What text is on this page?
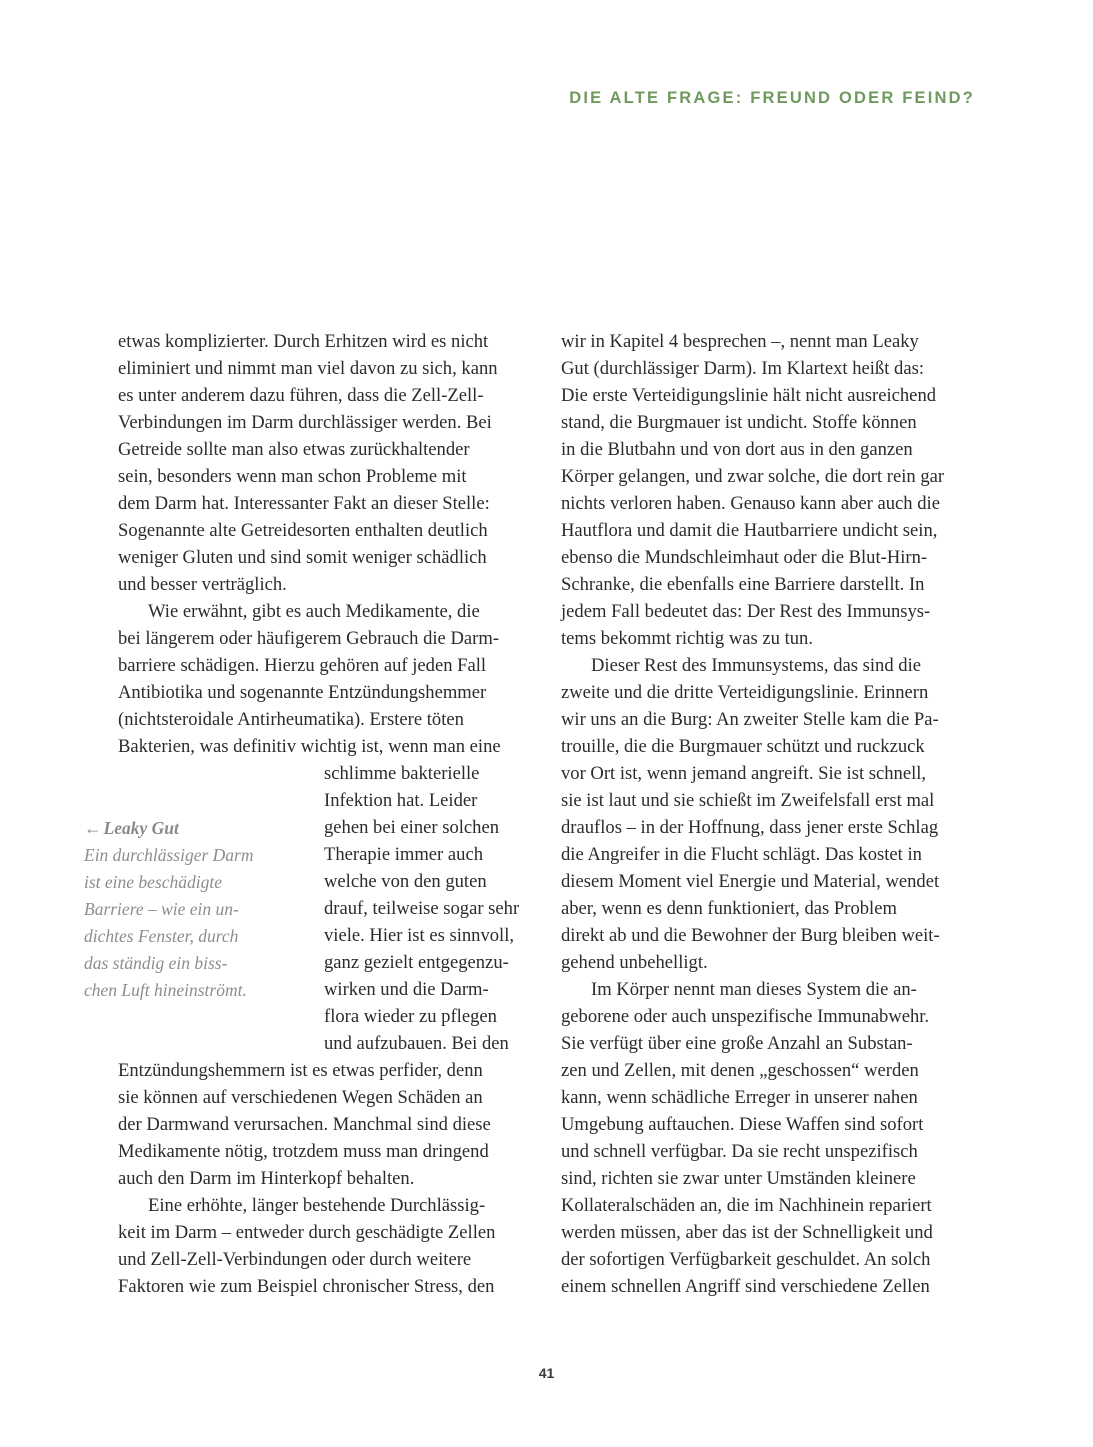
DIE ALTE FRAGE: FREUND ODER FEIND?
etwas komplizierter. Durch Erhitzen wird es nicht
eliminiert und nimmt man viel davon zu sich, kann
es unter anderem dazu führen, dass die Zell-Zell-
Verbindungen im Darm durchlässiger werden. Bei
Getreide sollte man also etwas zurückhaltender
sein, besonders wenn man schon Probleme mit
dem Darm hat. Interessanter Fakt an dieser Stelle:
Sogenannte alte Getreidesorten enthalten deutlich
weniger Gluten und sind somit weniger schädlich
und besser verträglich.
Wie erwähnt, gibt es auch Medikamente, die
bei längerem oder häufigerem Gebrauch die Darm-
barriere schädigen. Hierzu gehören auf jeden Fall
Antibiotika und sogenannte Entzündungshemmer
(nichtsteroidale Antirheumatika). Erstere töten
Bakterien, was definitiv wichtig ist, wenn man eine
schlimme bakterielle
Infektion hat. Leider
gehen bei einer solchen
Therapie immer auch
welche von den guten
drauf, teilweise sogar sehr
viele. Hier ist es sinnvoll,
ganz gezielt entgegenzu-
wirken und die Darm-
flora wieder zu pflegen
und aufzubauen. Bei den
Entzündungshemmern ist es etwas perfider, denn
sie können auf verschiedenen Wegen Schäden an
der Darmwand verursachen. Manchmal sind diese
Medikamente nötig, trotzdem muss man dringend
auch den Darm im Hinterkopf behalten.
Eine erhöhte, länger bestehende Durchlässig-
keit im Darm – entweder durch geschädigte Zellen
und Zell-Zell-Verbindungen oder durch weitere
Faktoren wie zum Beispiel chronischer Stress, den
← Leaky Gut
Ein durchlässiger Darm
ist eine beschädigte
Barriere – wie ein un-
dichtes Fenster, durch
das ständig ein biss-
chen Luft hineinströmt.
wir in Kapitel 4 besprechen –, nennt man Leaky
Gut (durchlässiger Darm). Im Klartext heißt das:
Die erste Verteidigungslinie hält nicht ausreichend
stand, die Burgmauer ist undicht. Stoffe können
in die Blutbahn und von dort aus in den ganzen
Körper gelangen, und zwar solche, die dort rein gar
nichts verloren haben. Genauso kann aber auch die
Hautflora und damit die Hautbarriere undicht sein,
ebenso die Mundschleimhaut oder die Blut-Hirn-
Schranke, die ebenfalls eine Barriere darstellt. In
jedem Fall bedeutet das: Der Rest des Immunsys-
tems bekommt richtig was zu tun.
Dieser Rest des Immunsystems, das sind die
zweite und die dritte Verteidigungslinie. Erinnern
wir uns an die Burg: An zweiter Stelle kam die Pa-
trouille, die die Burgmauer schützt und ruckzuck
vor Ort ist, wenn jemand angreift. Sie ist schnell,
sie ist laut und sie schießt im Zweifelsfall erst mal
drauflos – in der Hoffnung, dass jener erste Schlag
die Angreifer in die Flucht schlägt. Das kostet in
diesem Moment viel Energie und Material, wendet
aber, wenn es denn funktioniert, das Problem
direkt ab und die Bewohner der Burg bleiben weit-
gehend unbehelligt.
Im Körper nennt man dieses System die an-
geborene oder auch unspezifische Immunabwehr.
Sie verfügt über eine große Anzahl an Substan-
zen und Zellen, mit denen „geschossen“ werden
kann, wenn schädliche Erreger in unserer nahen
Umgebung auftauchen. Diese Waffen sind sofort
und schnell verfügbar. Da sie recht unspezifisch
sind, richten sie zwar unter Umständen kleinere
Kollateralschäden an, die im Nachhinein repariert
werden müssen, aber das ist der Schnelligkeit und
der sofortigen Verfügbarkeit geschuldet. An solch
einem schnellen Angriff sind verschiedene Zellen
41
